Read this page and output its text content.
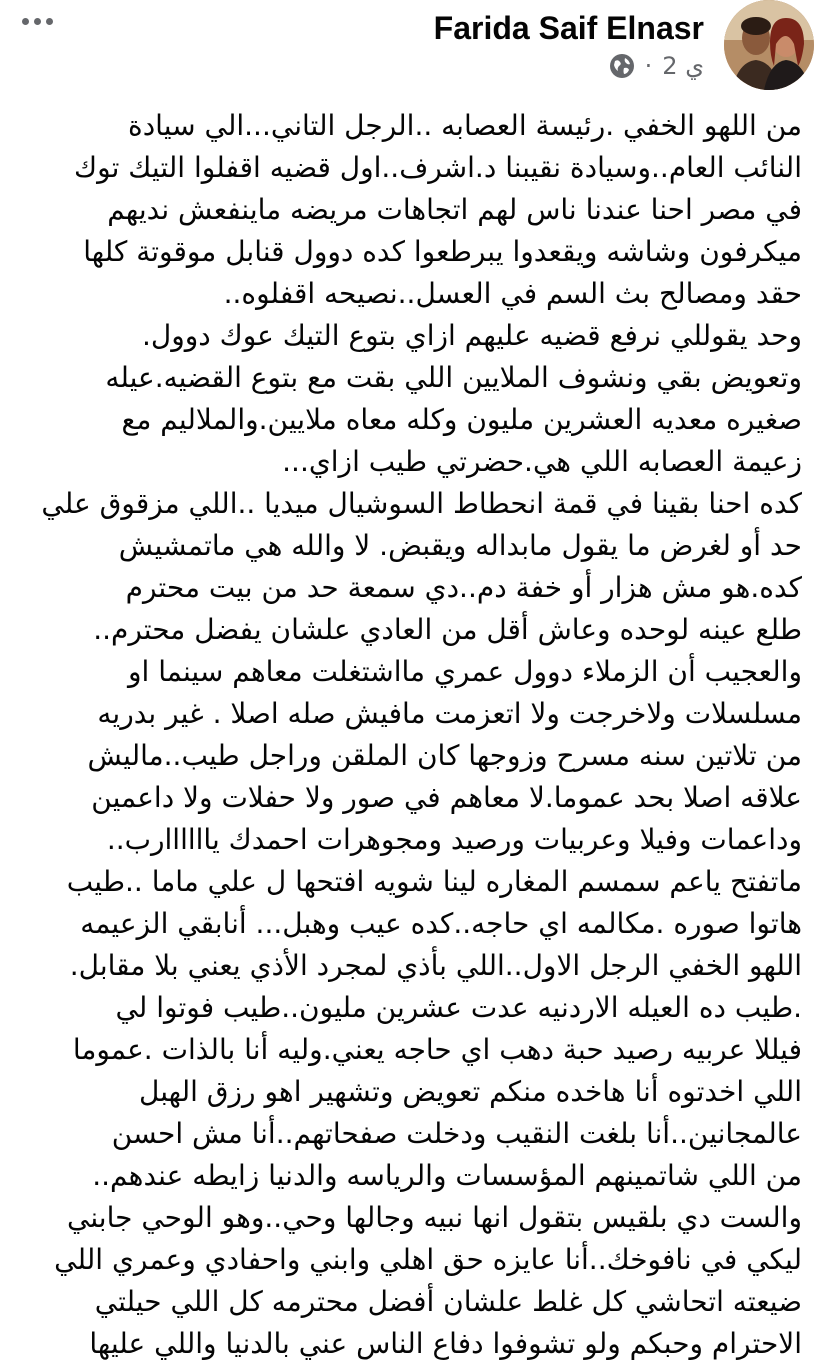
Farida Saif Elnasr
· 2 ي
من اللهو الخفي .رئيسة العصابه ..الرجل التاني...الي سيادة
النائب العام..وسيادة نقيبنا د.اشرف..اول قضيه اقفلوا التيك توك
في مصر احنا عندنا ناس لهم اتجاهات مريضه ماينفعش نديهم
ميكرفون وشاشه ويقعدوا يبرطعوا كده دوول قنابل موقوتة كلها
حقد ومصالح بث السم في العسل..نصيحه اقفلوه..
وحد يقوللي نرفع قضيه عليهم ازاي بتوع التيك عوك دوول.
وتعويض بقي ونشوف الملايين اللي بقت مع بتوع القضيه.عيله
صغيره معديه العشرين مليون وكله معاه ملايين.والملاليم مع
زعيمة العصابه اللي هي.حضرتي طيب ازاي...
كده احنا بقينا في قمة انحطاط السوشيال ميديا ..اللي مزقوق علي
حد أو لغرض ما يقول مابداله ويقبض. لا والله هي ماتمشيش
كده.هو مش هزار أو خفة دم..دي سمعة حد من بيت محترم
طلع عينه لوحده وعاش أقل من العادي علشان يفضل محترم..
والعجيب أن الزملاء دوول عمري مااشتغلت معاهم سينما او
مسلسلات ولاخرجت ولا اتعزمت مافيش صله اصلا . غير بدريه
من تلاتين سنه مسرح وزوجها كان الملقن وراجل طيب..ماليش
علاقه اصلا بحد عموما.لا معاهم في صور ولا حفلات ولا داعمين
وداعمات وفيلا وعربيات ورصيد ومجوهرات احمدك ياااااارب..
ماتفتح ياعم سمسم المغاره لينا شويه افتحها ل علي ماما ..طيب
هاتوا صوره .مكالمه اي حاجه..كده عيب وهبل... أنابقي الزعيمه
اللهو الخفي الرجل الاول..اللي بأذي لمجرد الأذي يعني بلا مقابل.
.طيب ده العيله الاردنيه عدت عشرين مليون..طيب فوتوا لي
فيللا عربيه رصيد حبة دهب اي حاجه يعني.وليه أنا بالذات .عموما
اللي اخدتوه أنا هاخده منكم تعويض وتشهير اهو رزق الهبل
عالمجانين..أنا بلغت النقيب ودخلت صفحاتهم..أنا مش احسن
من اللي شاتمينهم المؤسسات والرياسه والدنيا زايطه عندهم..
والست دي بلقيس بتقول انها نبيه وجالها وحي..وهو الوحي جابني
ليكي في نافوخك..أنا عايزه حق اهلي وابني واحفادي وعمري اللي
ضيعته اتحاشي كل غلط علشان أفضل محترمه كل اللي حيلتي
الاحترام وحبكم ولو تشوفوا دفاع الناس عني بالدنيا واللي عليها
